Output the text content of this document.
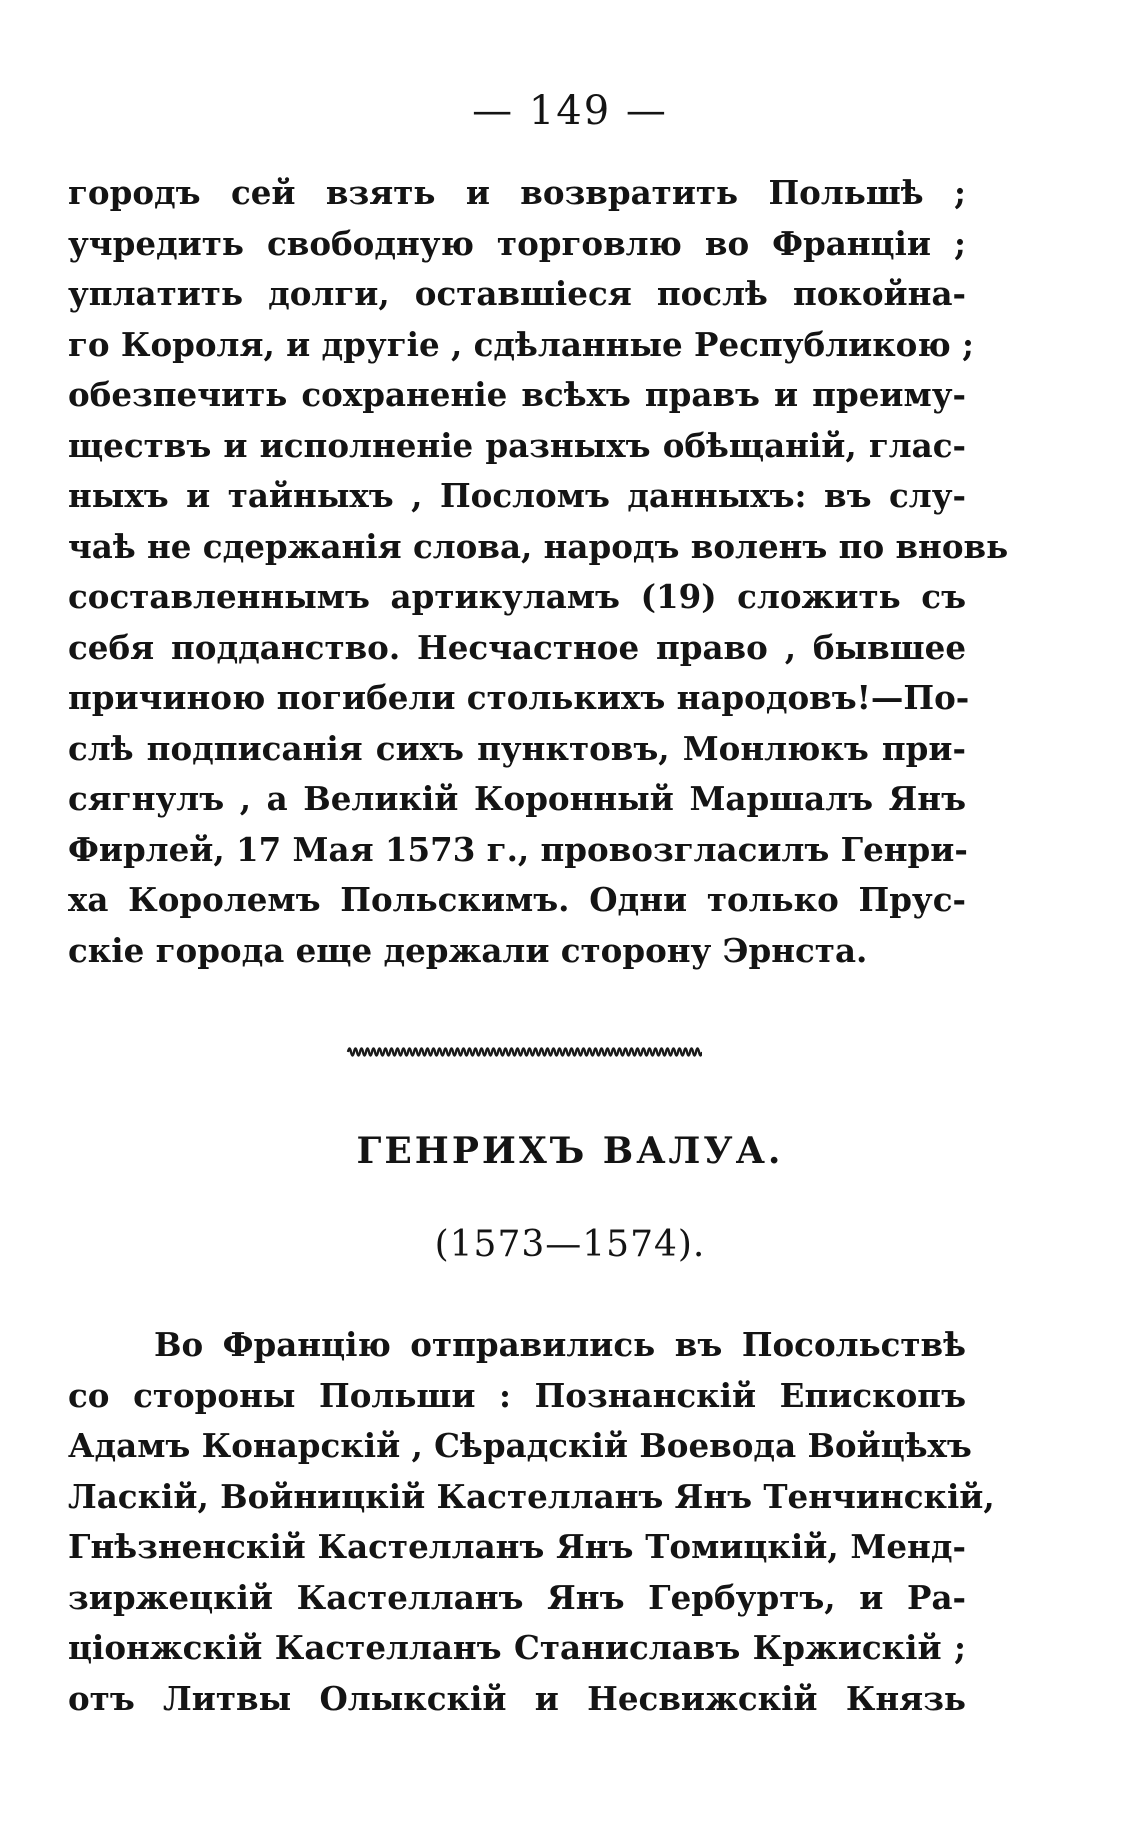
— 149 —
городъ сей взять и возвратить Польшѣ ;
учредить свободную торговлю во Франціи ;
уплатить долги, оставшіеся послѣ покойна-
го Короля, и другіе , сдѣланные Республикою ;
обезпечить сохраненіе всѣхъ правъ и преиму-
ществъ и исполненіе разныхъ обѣщаній, глас-
ныхъ и тайныхъ , Посломъ данныхъ: въ слу-
чаѣ не сдержанія слова, народъ воленъ по вновь
составленнымъ артикуламъ (19) сложить съ
себя подданство. Несчастное право , бывшее
причиною погибели столькихъ народовъ!—По-
слѣ подписанія сихъ пунктовъ, Монлюкъ при-
сягнулъ , а Великій Коронный Маршалъ Янъ
Фирлей, 17 Мая 1573 г., провозгласилъ Генри-
ха Королемъ Польскимъ. Одни только Прус-
скіе города еще держали сторону Эрнста.
ГЕНРИХЪ ВАЛУА.
(1573—1574).
Во Францію отправились въ Посольствѣ
со стороны Польши : Познанскій Епископъ
Адамъ Конарскій , Сѣрадскій Воевода Войцѣхъ
Ласкій, Войницкій Кастелланъ Янъ Тенчинскій,
Гнѣзненскій Кастелланъ Янъ Томицкій, Менд-
зиржецкій Кастелланъ Янъ Гербуртъ, и Ра-
ціонжскій Кастелланъ Станиславъ Кржискій ;
отъ Литвы Олыкскій и Несвижскій Князь
